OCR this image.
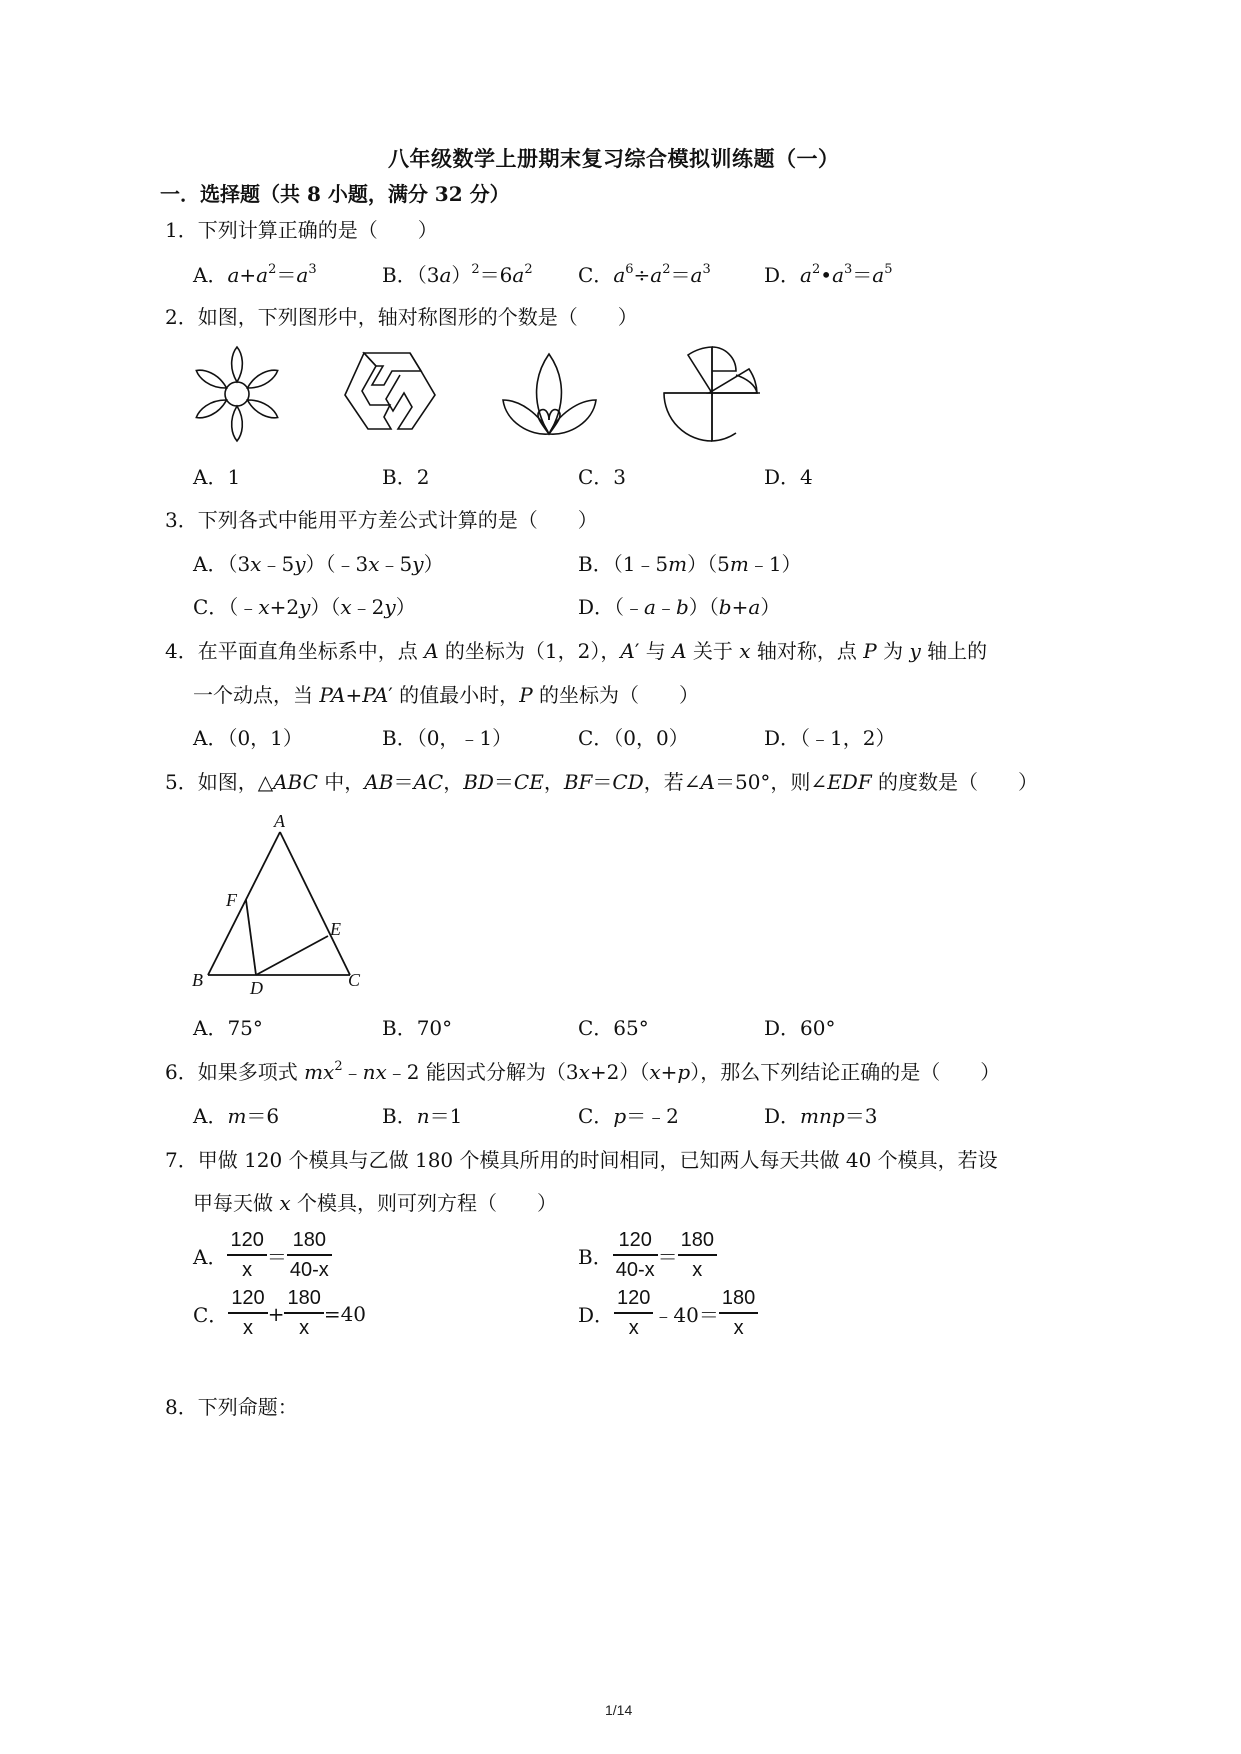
八年级数学上册期末复习综合模拟训练题（一）
一．选择题（共 8 小题，满分 32 分）
1．下列计算正确的是（　　）
A．$a+a^2=a^3$	B．$(3a)^2=6a^2$ C．$a^6\div a^2=a^3$	D．$a^2•a^3=a^5$
2．如图，下列图形中，轴对称图形的个数是（　　）
A．1	B．2	C．3	D．4
3．下列各式中能用平方差公式计算的是（　　）
A．（3x﹣5y）（﹣3x﹣5y）	B．（1﹣5m）（5m﹣1）
C．（﹣x+2y）（x﹣2y）	D．（﹣a﹣b）（b+a）
4．在平面直角坐标系中，点 A 的坐标为（1，2），A′ 与 A 关于 x 轴对称，点 P 为 y 轴上的
一个动点，当 PA+PA′ 的值最小时，P 的坐标为（　　）
A．（0，1）	B．（0，﹣1）	C．（0，0）	D．（﹣1，2）
5．如图，△ABC 中，AB＝AC，BD＝CE，BF＝CD，若∠A＝50°，则∠EDF 的度数是（　　）
A
B	C
D
E
F
A．75°	B．70°	C．65°	D．60°
6．如果多项式 $mx^2﹣nx﹣2$ 能因式分解为（3x+2）（x+p），那么下列结论正确的是（　　）
A．m＝6	B．n＝1	C．p＝﹣2	D．mnp＝3
7．甲做 120 个模具与乙做 180 个模具所用的时间相同，已知两人每天共做 40 个模具，若设
甲每天做 x 个模具，则可列方程（　　）
A． $\frac{120}{x} = \frac{180}{40-x}$	B． $\frac{120}{40-x} = \frac{180}{x}$
C． $\frac{120}{x} + \frac{180}{x} =40$	D． $\frac{120}{x}$ ﹣40＝ $\frac{180}{x}$
8．下列命题：
1/14
